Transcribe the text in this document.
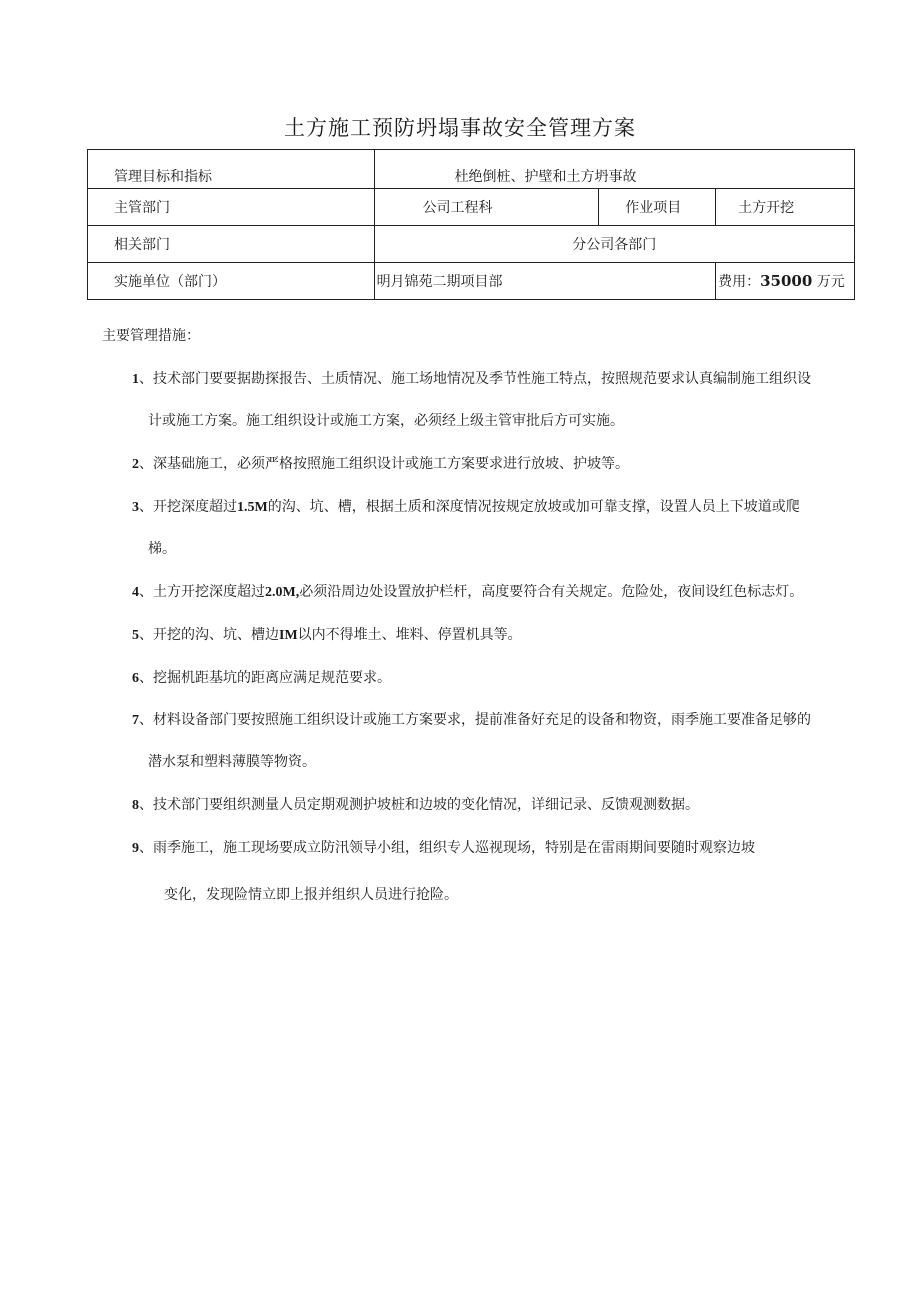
土方施工预防坍塌事故安全管理方案
管理目标和指标	杜绝倒桩、护壁和土方坍事故		
主管部门	公司工程科	作业项目	土方开挖
相关部门	分公司各部门		
实施单位（部门）	明月锦苑二期项目部		费用：35000 万元
主要管理措施：
1、技术部门要要据勘探报告、土质情况、施工场地情况及季节性施工特点，按照规范要求认真编制施工组织设
计或施工方案。施工组织设计或施工方案，必须经上级主管审批后方可实施。
2、深基础施工，必须严格按照施工组织设计或施工方案要求进行放坡、护坡等。
3、开挖深度超过1.5M的沟、坑、槽，根据土质和深度情况按规定放坡或加可靠支撑，设置人员上下坡道或爬
梯。
4、土方开挖深度超过2.0M,必须沿周边处设置放护栏杆，高度要符合有关规定。危险处，夜间设红色标志灯。
5、开挖的沟、坑、槽边IM以内不得堆土、堆料、停置机具等。
6、挖掘机距基坑的距离应满足规范要求。
7、材料设备部门要按照施工组织设计或施工方案要求，提前准备好充足的设备和物资，雨季施工要准备足够的
潜水泵和塑料薄膜等物资。
8、技术部门要组织测量人员定期观测护坡桩和边坡的变化情况，详细记录、反馈观测数据。
9、雨季施工，施工现场要成立防汛领导小组，组织专人巡视现场，特别是在雷雨期间要随时观察边坡
变化，发现险情立即上报并组织人员进行抢险。
